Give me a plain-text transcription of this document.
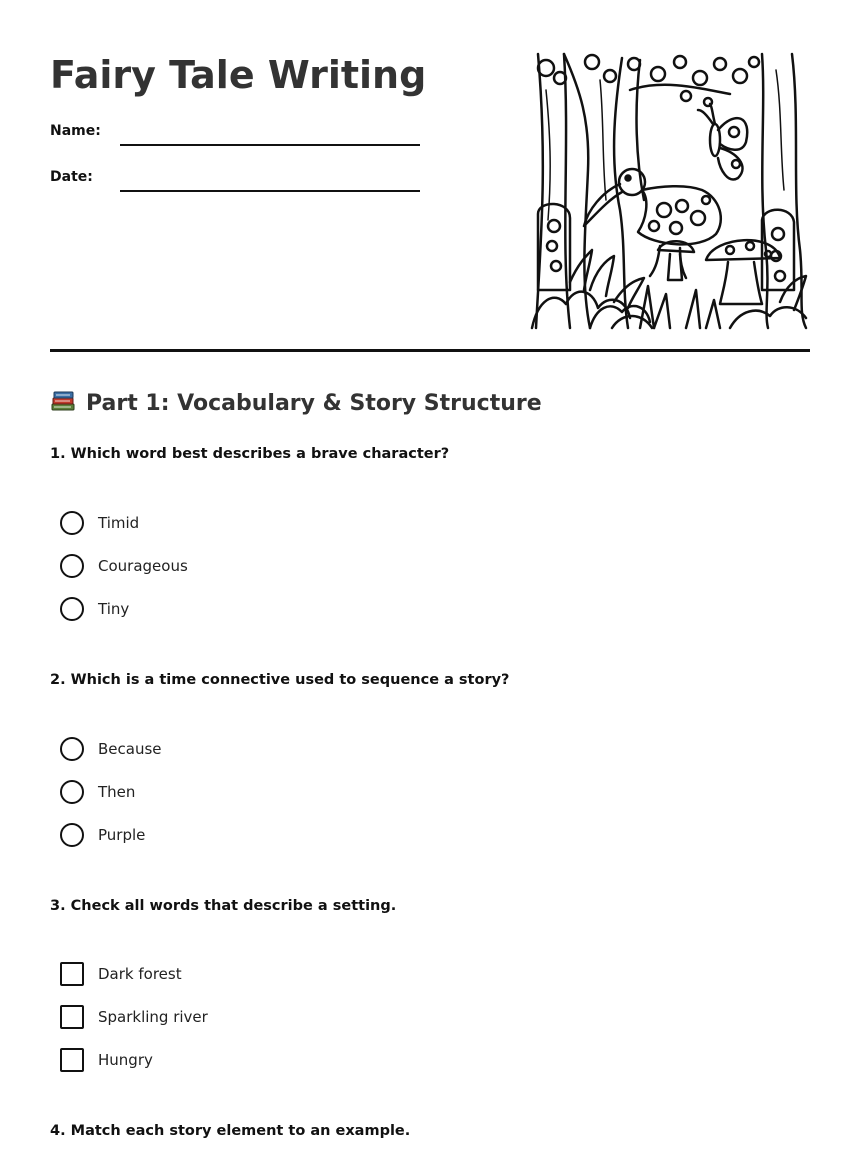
Fairy Tale Writing
Name:
Date:
Part 1: Vocabulary & Story Structure
1. Which word best describes a brave character?
Timid
Courageous
Tiny
2. Which is a time connective used to sequence a story?
Because
Then
Purple
3. Check all words that describe a setting.
Dark forest
Sparkling river
Hungry
4. Match each story element to an example.
